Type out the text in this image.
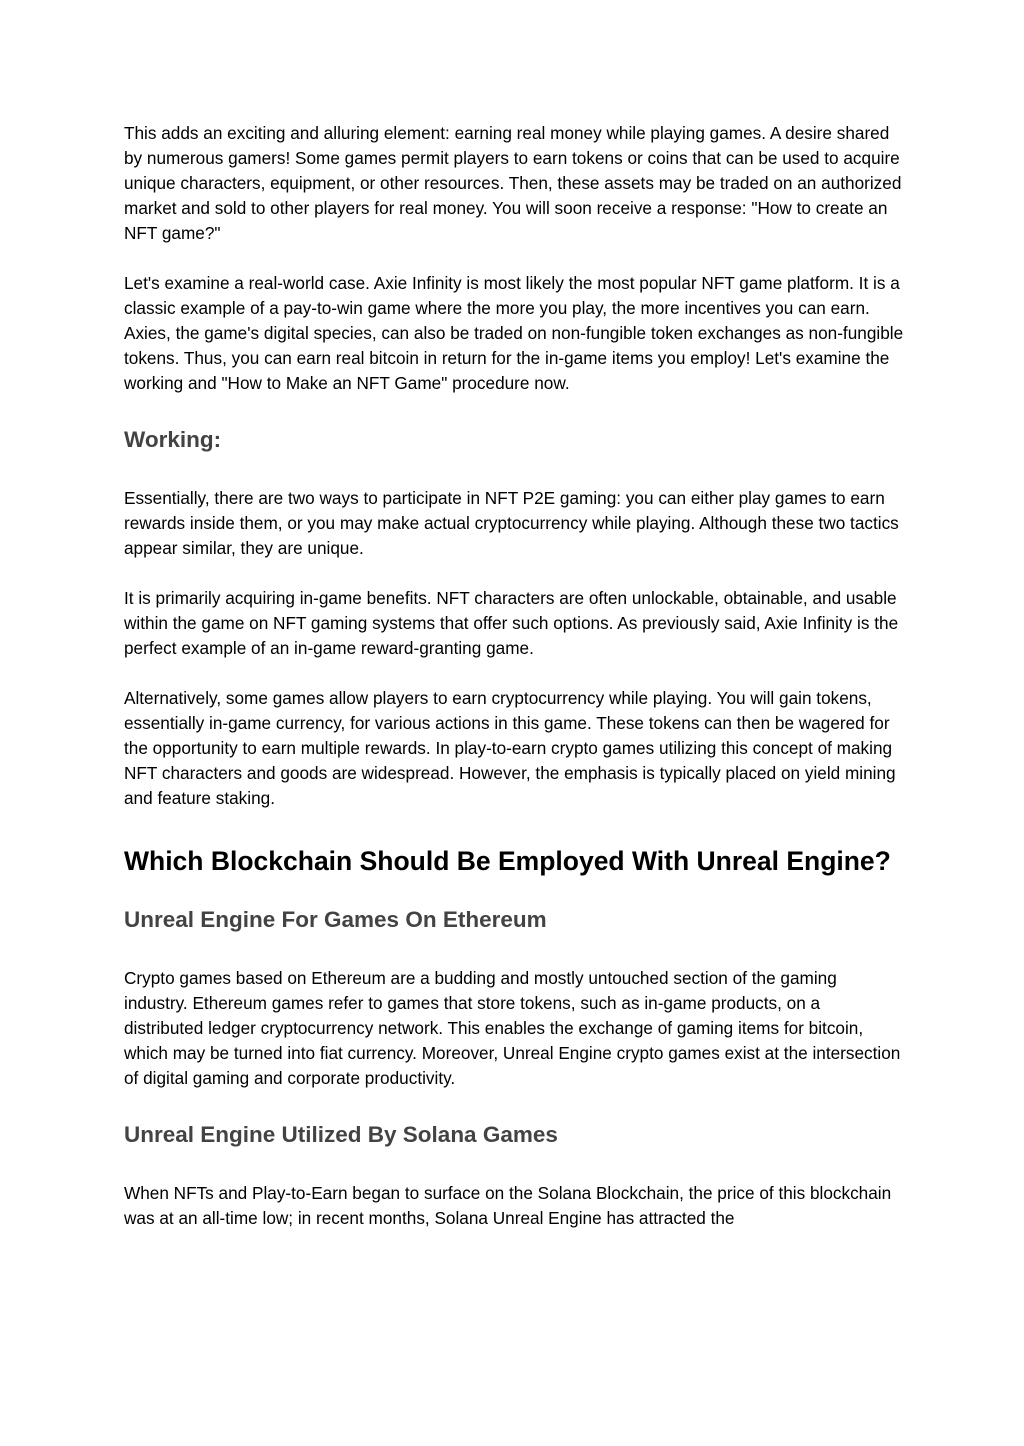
This adds an exciting and alluring element: earning real money while playing games. A desire shared by numerous gamers! Some games permit players to earn tokens or coins that can be used to acquire unique characters, equipment, or other resources. Then, these assets may be traded on an authorized market and sold to other players for real money. You will soon receive a response: "How to create an NFT game?"

Let's examine a real-world case. Axie Infinity is most likely the most popular NFT game platform. It is a classic example of a pay-to-win game where the more you play, the more incentives you can earn. Axies, the game's digital species, can also be traded on non-fungible token exchanges as non-fungible tokens. Thus, you can earn real bitcoin in return for the in-game items you employ! Let's examine the working and "How to Make an NFT Game" procedure now.

Working:

Essentially, there are two ways to participate in NFT P2E gaming: you can either play games to earn rewards inside them, or you may make actual cryptocurrency while playing. Although these two tactics appear similar, they are unique.

It is primarily acquiring in-game benefits. NFT characters are often unlockable, obtainable, and usable within the game on NFT gaming systems that offer such options. As previously said, Axie Infinity is the perfect example of an in-game reward-granting game.

Alternatively, some games allow players to earn cryptocurrency while playing. You will gain tokens, essentially in-game currency, for various actions in this game. These tokens can then be wagered for the opportunity to earn multiple rewards. In play-to-earn crypto games utilizing this concept of making NFT characters and goods are widespread. However, the emphasis is typically placed on yield mining and feature staking.

Which Blockchain Should Be Employed With Unreal Engine?
Unreal Engine For Games On Ethereum

Crypto games based on Ethereum are a budding and mostly untouched section of the gaming industry. Ethereum games refer to games that store tokens, such as in-game products, on a distributed ledger cryptocurrency network. This enables the exchange of gaming items for bitcoin, which may be turned into fiat currency. Moreover, Unreal Engine crypto games exist at the intersection of digital gaming and corporate productivity.

Unreal Engine Utilized By Solana Games

When NFTs and Play-to-Earn began to surface on the Solana Blockchain, the price of this blockchain was at an all-time low; in recent months, Solana Unreal Engine has attracted the
